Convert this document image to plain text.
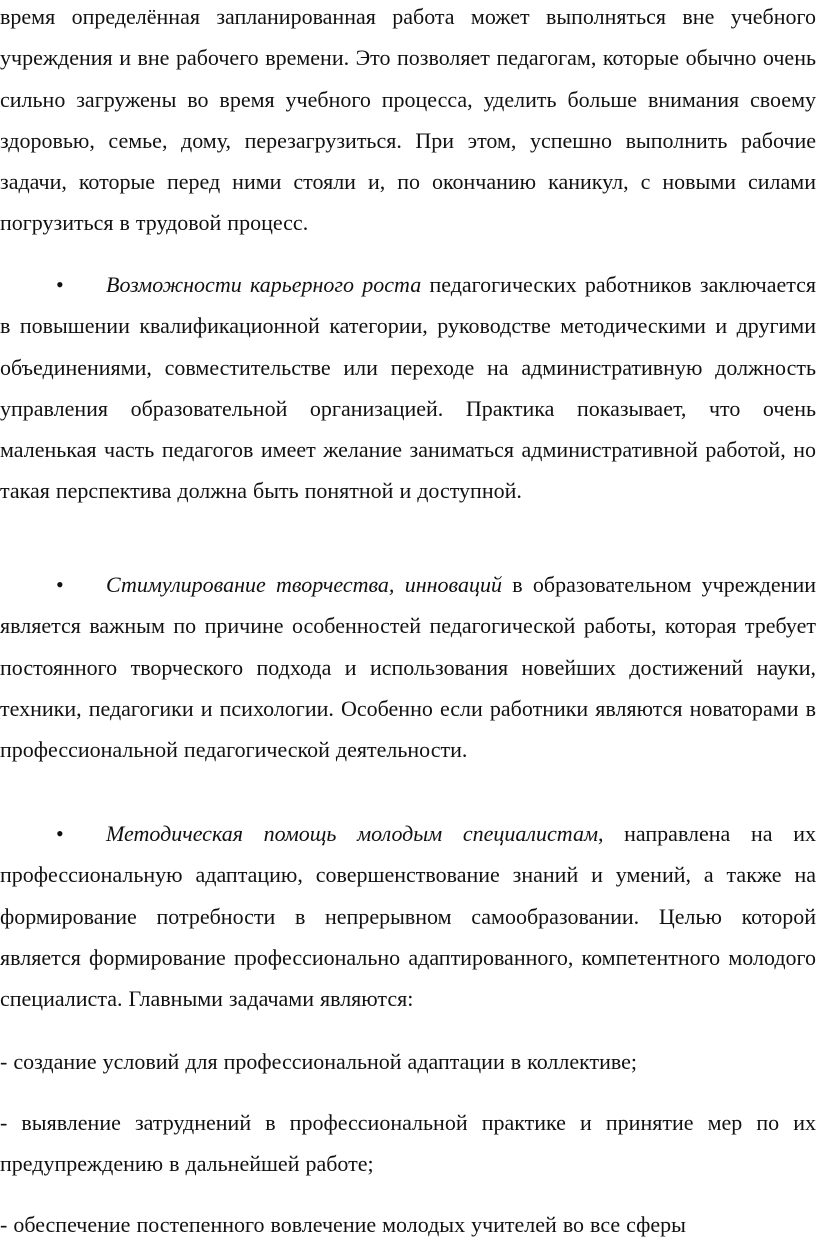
время определённая запланированная работа может выполняться вне учебного учреждения и вне рабочего времени. Это позволяет педагогам, которые обычно очень сильно загружены во время учебного процесса, уделить больше внимания своему здоровью, семье, дому, перезагрузиться. При этом, успешно выполнить рабочие задачи, которые перед ними стояли и, по окончанию каникул, с новыми силами погрузиться в трудовой процесс.

• Возможности карьерного роста педагогических работников заключается в повышении квалификационной категории, руководстве методическими и другими объединениями, совместительстве или переходе на административную должность управления образовательной организацией. Практика показывает, что очень маленькая часть педагогов имеет желание заниматься административной работой, но такая перспектива должна быть понятной и доступной.

• Стимулирование творчества, инноваций в образовательном учреждении является важным по причине особенностей педагогической работы, которая требует постоянного творческого подхода и использования новейших достижений науки, техники, педагогики и психологии. Особенно если работники являются новаторами в профессиональной педагогической деятельности.

• Методическая помощь молодым специалистам, направлена на их профессиональную адаптацию, совершенствование знаний и умений, а также на формирование потребности в непрерывном самообразовании. Целью которой является формирование профессионально адаптированного, компетентного молодого специалиста. Главными задачами являются:

- создание условий для профессиональной адаптации в коллективе;

- выявление затруднений в профессиональной практике и принятие мер по их предупреждению в дальнейшей работе;

- обеспечение постепенного вовлечение молодых учителей во все сферы
